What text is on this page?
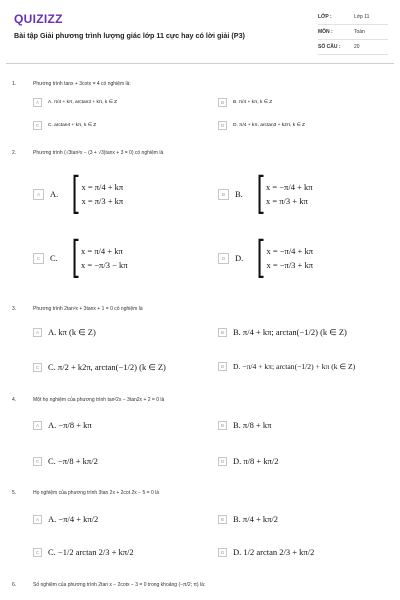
QUIZIZZ
Bài tập Giải phương trình lượng giác lớp 11 cực hay có lời giải (P3)
LỚP :	Lớp 11
MÔN :	Toán
SỐ CÂU :	20
1.	Phương trình tanx + 3cotx = 4 có nghiệm là:
A	A. π/4 + kπ, arctan3 + kπ, k ∈ Z	B	B. π/4 + kπ, k ∈ Z
C	C. arctan4 + kπ, k ∈ Z	D	D. π/4 + kπ, arctan3 + k2π, k ∈ Z
2.	Phương trình (√3tan²x − (3 + √3)tanx + 3 = 0) có nghiệm là
A	A. [ x = π/4 + kπ
x = π/3 + kπ
B	B. [ x = −π/4 + kπ
x = π/3 + kπ
C	C. [ x = π/4 + kπ
x = −π/3 − kπ
D	D. [ x = −π/4 + kπ
x = −π/3 + kπ
3.	Phương trình 2tan²x + 3tanx + 1 = 0 có nghiệm là
A	A. kπ (k ∈ Z)	B	B. π/4 + kπ; arctan(−1/2) (k ∈ Z)
C	C. π/2 + k2π, arctan(−1/2) (k ∈ Z)	D	D. −π/4 + kπ; arctan(−1/2) + kπ (k ∈ Z)
4.	Một họ nghiệm của phương trình tan²2x − 3tan2x + 2 = 0 là
A	A. −π/8 + kπ	B	B. π/8 + kπ
C	C. −π/8 + kπ/2	D	D. π/8 + kπ/2
5.	Họ nghiệm của phương trình 3tan 2x + 2cot 2x − 5 = 0 là
A	A. −π/4 + kπ/2	B	B. π/4 + kπ/2
C	C. −1/2 arctan 2/3 + kπ/2	D	D. 1/2 arctan 2/3 + kπ/2
6.	Số nghiệm của phương trình 2tan x − 2cotx − 3 = 0 trong khoảng (−π/2; π) là:
